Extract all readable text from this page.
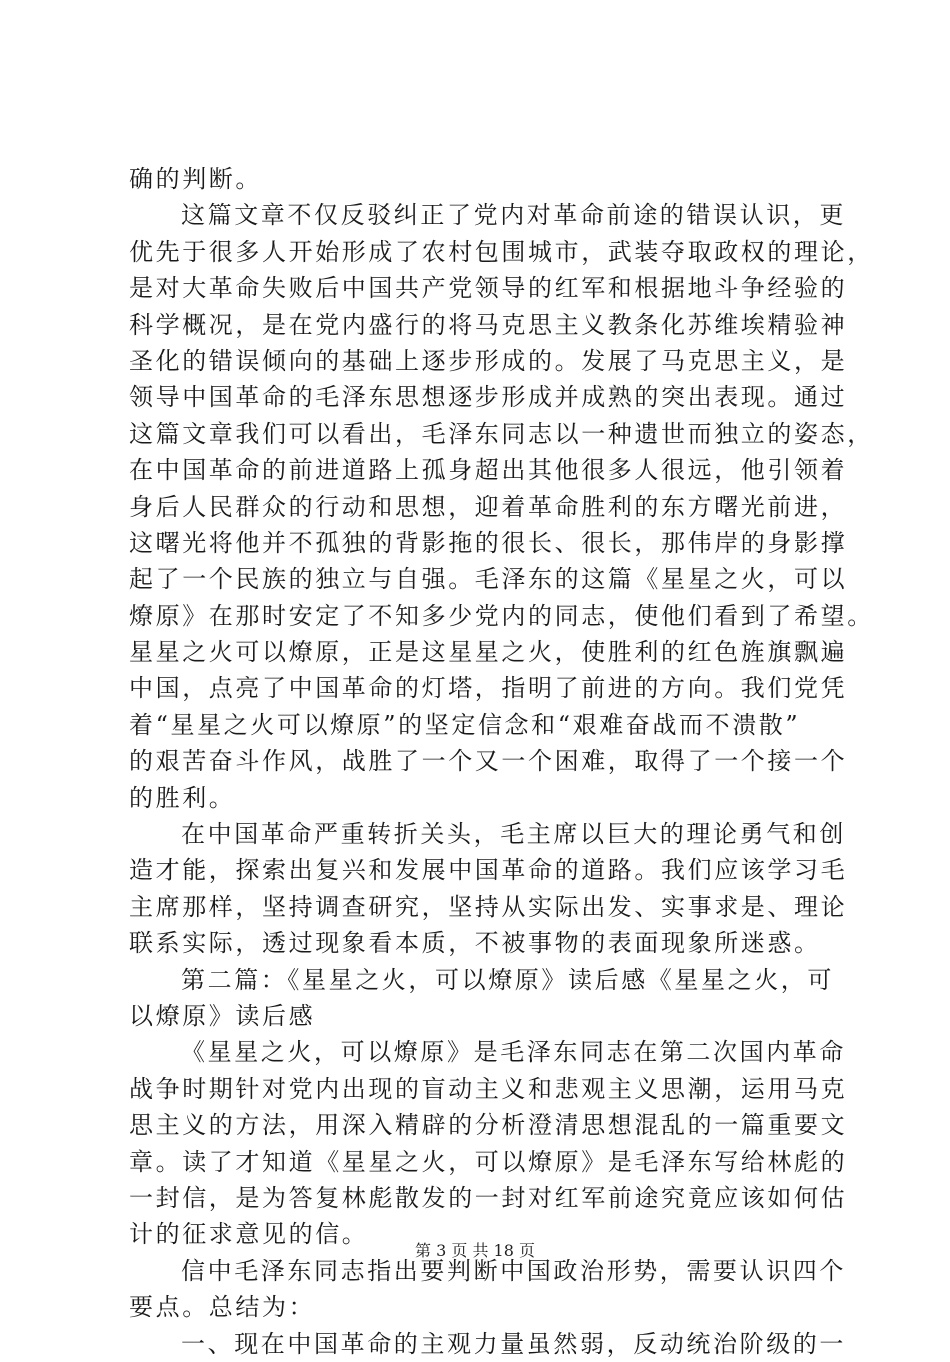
确的判断。
这篇文章不仅反驳纠正了党内对革命前途的错误认识，更
优先于很多人开始形成了农村包围城市，武装夺取政权的理论，
是对大革命失败后中国共产党领导的红军和根据地斗争经验的
科学概况，是在党内盛行的将马克思主义教条化苏维埃精验神
圣化的错误倾向的基础上逐步形成的。发展了马克思主义，是
领导中国革命的毛泽东思想逐步形成并成熟的突出表现。通过
这篇文章我们可以看出，毛泽东同志以一种遗世而独立的姿态，
在中国革命的前进道路上孤身超出其他很多人很远，他引领着
身后人民群众的行动和思想，迎着革命胜利的东方曙光前进，
这曙光将他并不孤独的背影拖的很长、很长，那伟岸的身影撑
起了一个民族的独立与自强。毛泽东的这篇《星星之火，可以
燎原》在那时安定了不知多少党内的同志，使他们看到了希望。
星星之火可以燎原，正是这星星之火，使胜利的红色旌旗飘遍
中国，点亮了中国革命的灯塔，指明了前进的方向。我们党凭
着“星星之火可以燎原”的坚定信念和“艰难奋战而不溃散”
的艰苦奋斗作风，战胜了一个又一个困难，取得了一个接一个
的胜利。
在中国革命严重转折关头，毛主席以巨大的理论勇气和创
造才能，探索出复兴和发展中国革命的道路。我们应该学习毛
主席那样，坚持调查研究，坚持从实际出发、实事求是、理论
联系实际，透过现象看本质，不被事物的表面现象所迷惑。
第二篇：《星星之火，可以燎原》读后感《星星之火，可
以燎原》读后感
《星星之火，可以燎原》是毛泽东同志在第二次国内革命
战争时期针对党内出现的盲动主义和悲观主义思潮，运用马克
思主义的方法，用深入精辟的分析澄清思想混乱的一篇重要文
章。读了才知道《星星之火，可以燎原》是毛泽东写给林彪的
一封信，是为答复林彪散发的一封对红军前途究竟应该如何估
计的征求意见的信。
信中毛泽东同志指出要判断中国政治形势，需要认识四个
要点。总结为：
一、现在中国革命的主观力量虽然弱，反动统治阶级的一
第 3 页 共 18 页
